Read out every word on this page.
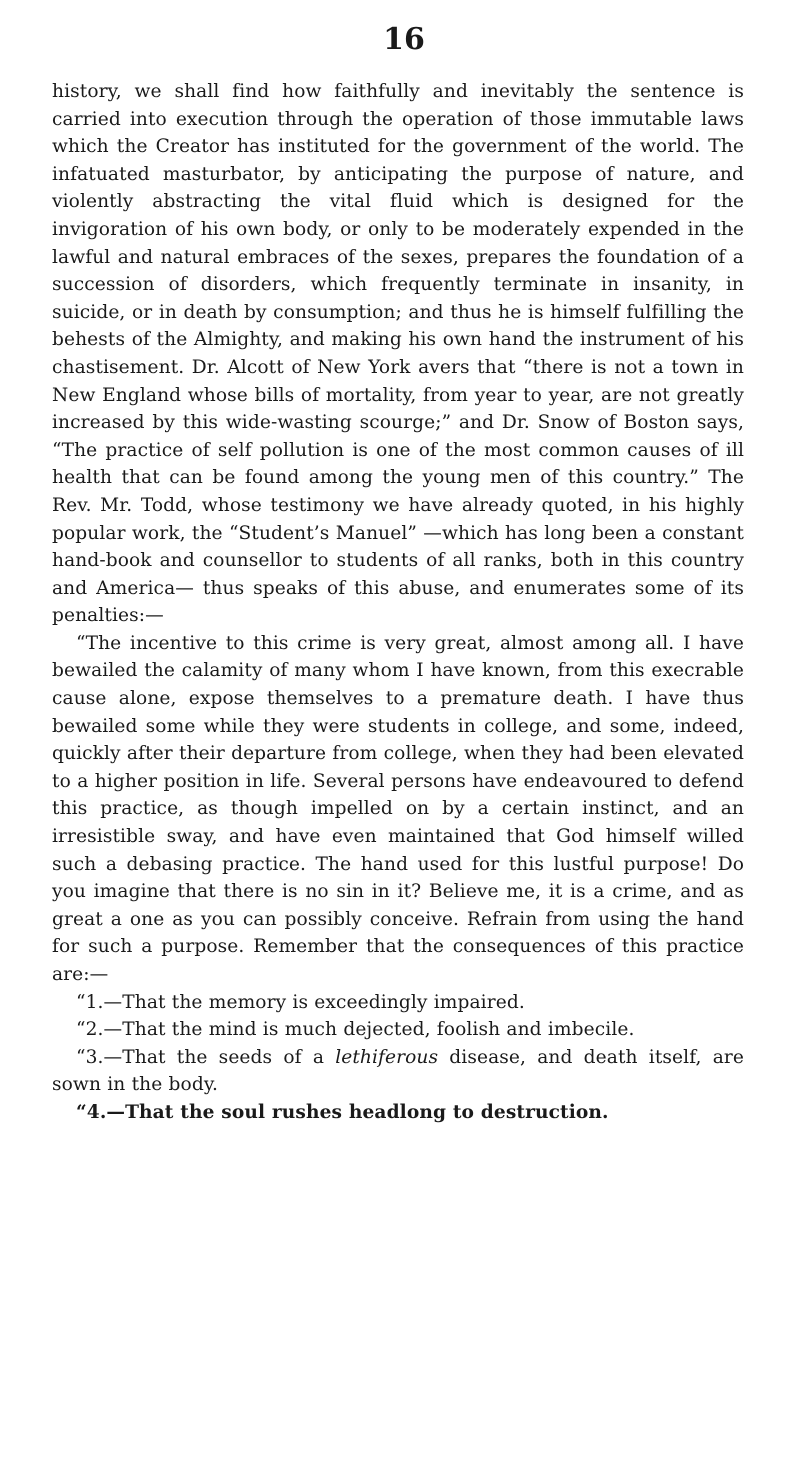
16

history, we shall find how faithfully and inevitably the sentence is carried into execution through the operation of those immutable laws which the Creator has instituted for the government of the world. The infatuated masturbator, by anticipating the purpose of nature, and violently abstracting the vital fluid which is designed for the invigoration of his own body, or only to be moderately expended in the lawful and natural embraces of the sexes, prepares the foundation of a succession of disorders, which frequently terminate in insanity, in suicide, or in death by consumption; and thus he is himself fulfilling the behests of the Almighty, and making his own hand the instrument of his chastisement. Dr. Alcott of New York avers that “there is not a town in New England whose bills of mortality, from year to year, are not greatly increased by this wide-wasting scourge;” and Dr. Snow of Boston says, “The practice of self pollution is one of the most common causes of ill health that can be found among the young men of this country.” The Rev. Mr. Todd, whose testimony we have already quoted, in his highly popular work, the “Student’s Manuel” —which has long been a constant hand-book and counsellor to students of all ranks, both in this country and America— thus speaks of this abuse, and enumerates some of its penalties:—

“The incentive to this crime is very great, almost among all. I have bewailed the calamity of many whom I have known, from this execrable cause alone, expose themselves to a premature death. I have thus bewailed some while they were students in college, and some, indeed, quickly after their departure from college, when they had been elevated to a higher position in life. Several persons have endeavoured to defend this practice, as though impelled on by a certain instinct, and an irresistible sway, and have even maintained that God himself willed such a debasing practice. The hand used for this lustful purpose! Do you imagine that there is no sin in it? Believe me, it is a crime, and as great a one as you can possibly conceive. Refrain from using the hand for such a purpose. Remember that the consequences of this practice are:—

“1.—That the memory is exceedingly impaired.

“2.—That the mind is much dejected, foolish and imbecile.

“3.—That the seeds of a lethiferous disease, and death itself, are sown in the body.

“4.—That the soul rushes headlong to destruction.
